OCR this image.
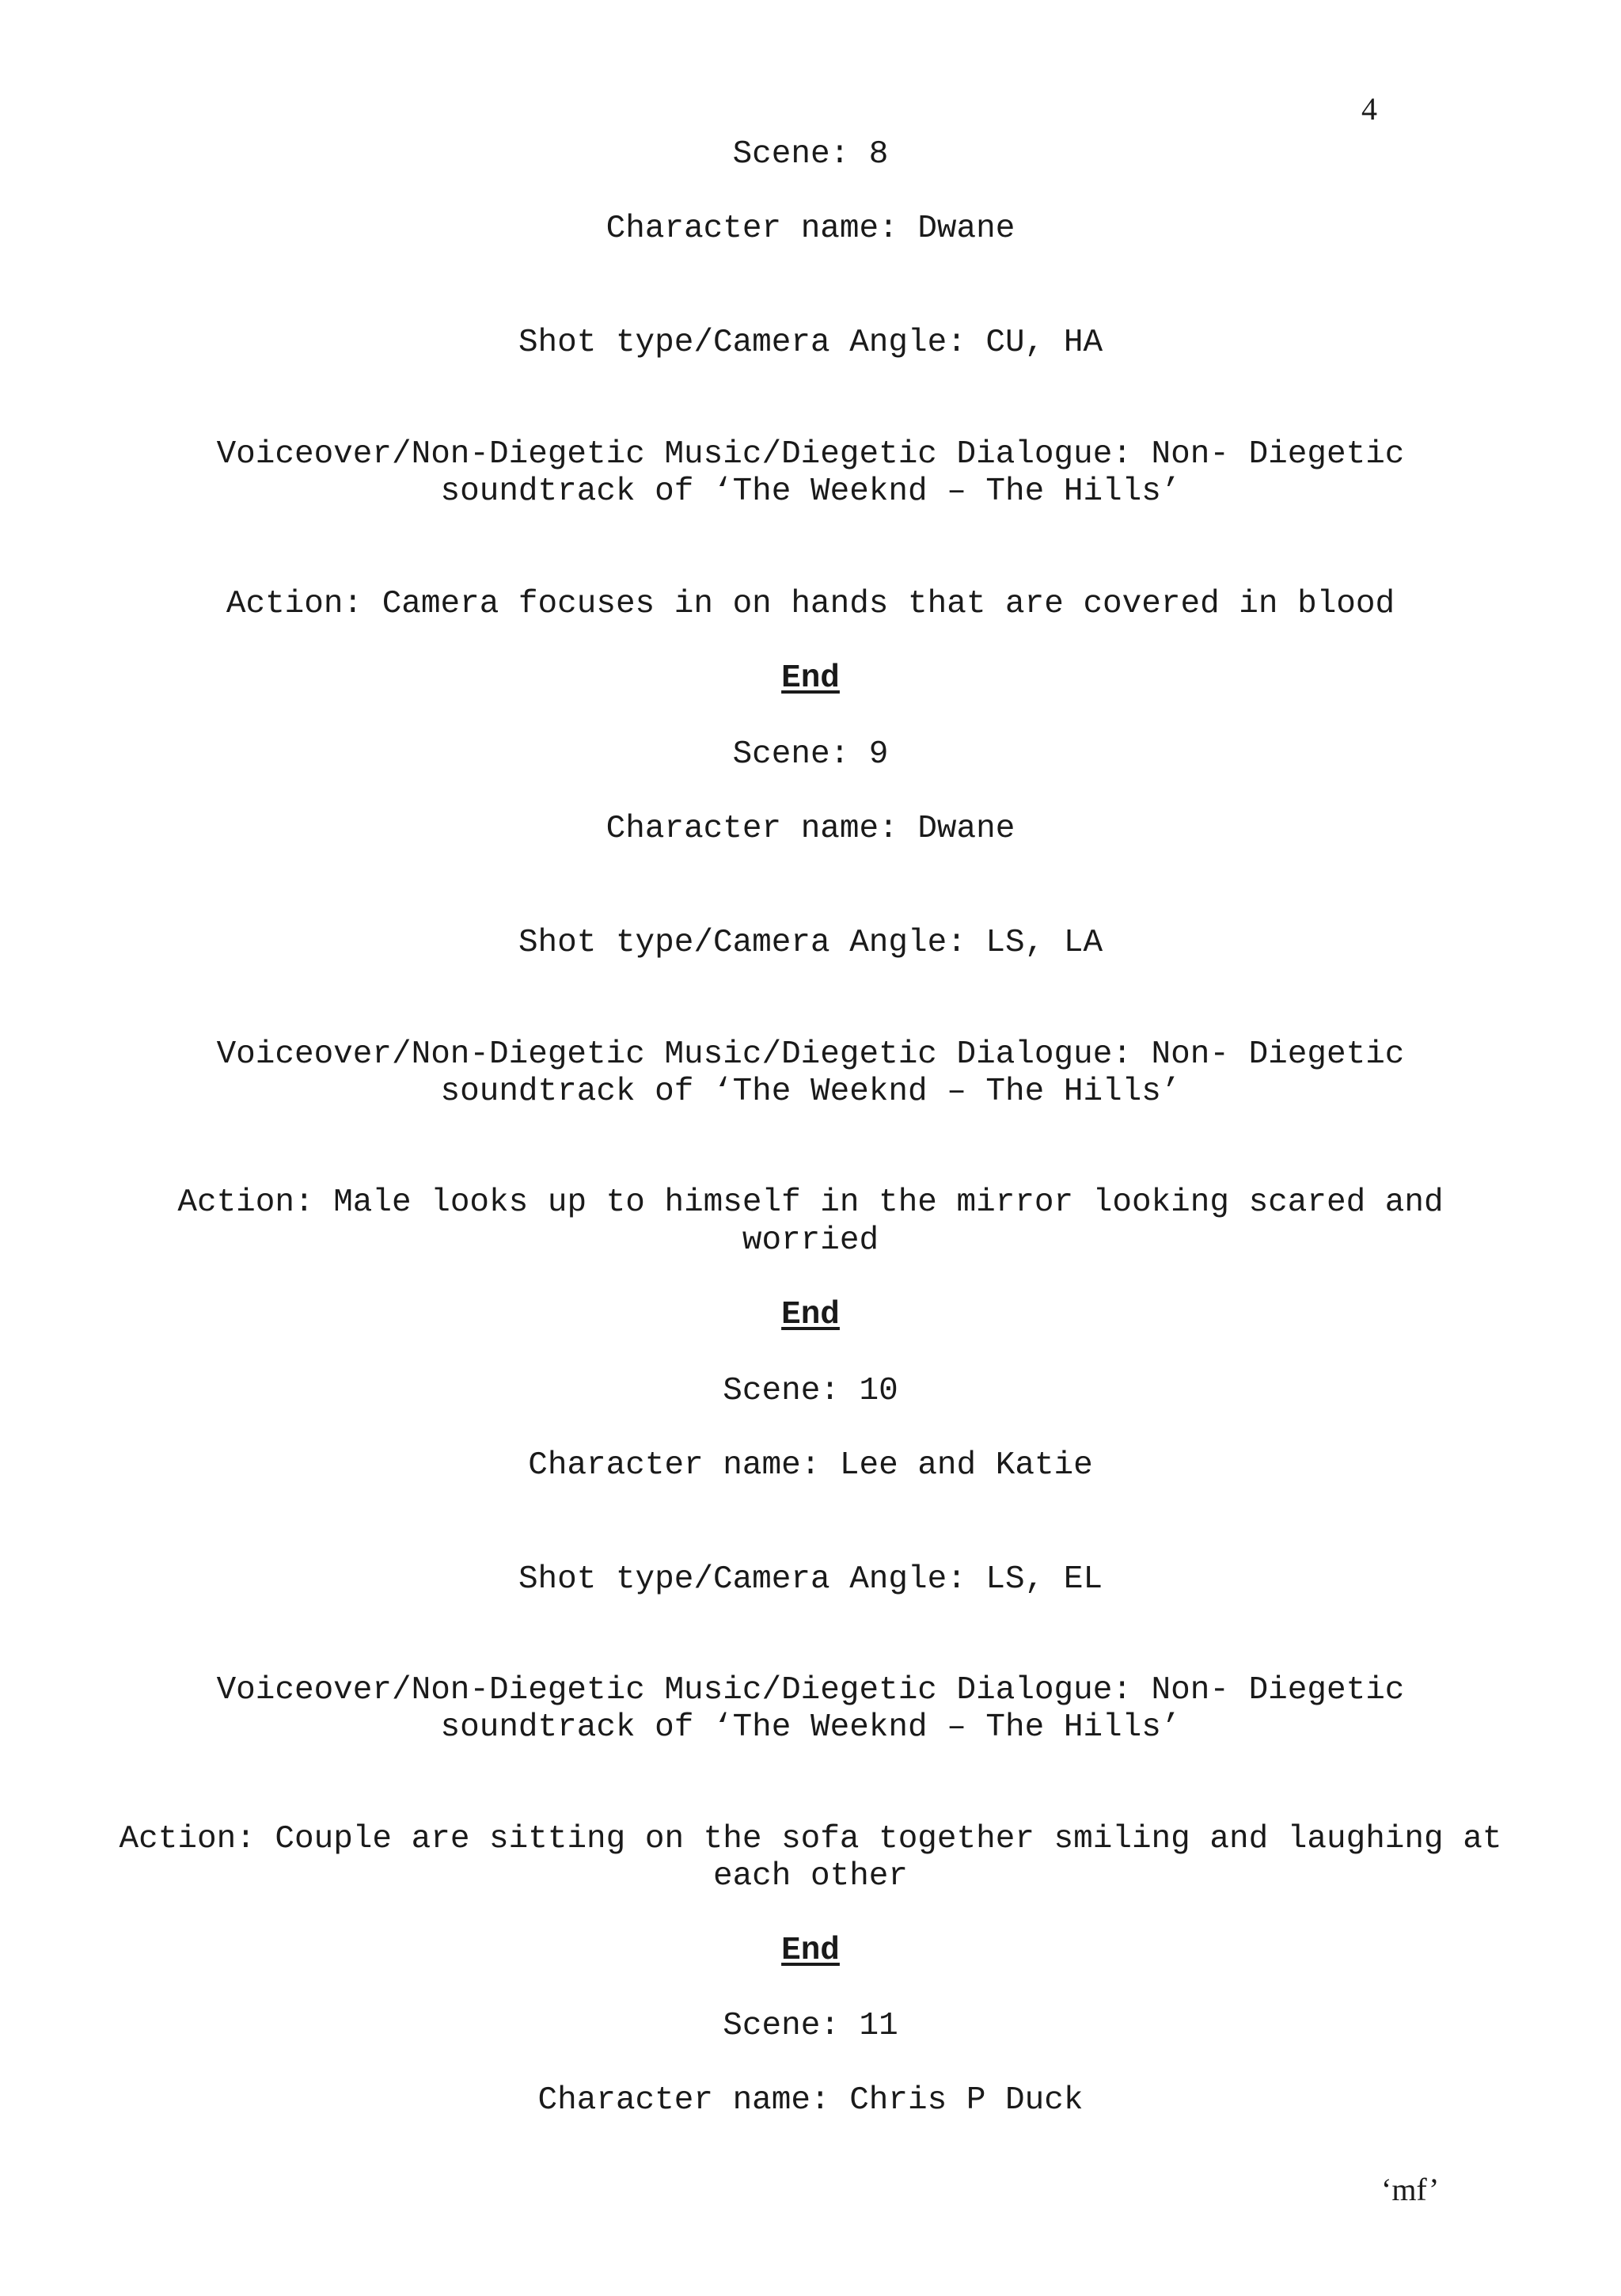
4
Scene: 8
Character name: Dwane
Shot type/Camera Angle: CU, HA
Voiceover/Non-Diegetic Music/Diegetic Dialogue: Non- Diegetic
soundtrack of ‘The Weeknd – The Hills’
Action: Camera focuses in on hands that are covered in blood
End
Scene: 9
Character name: Dwane
Shot type/Camera Angle: LS, LA
Voiceover/Non-Diegetic Music/Diegetic Dialogue: Non- Diegetic
soundtrack of ‘The Weeknd – The Hills’
Action: Male looks up to himself in the mirror looking scared and
worried
End
Scene: 10
Character name: Lee and Katie
Shot type/Camera Angle: LS, EL
Voiceover/Non-Diegetic Music/Diegetic Dialogue: Non- Diegetic
soundtrack of ‘The Weeknd – The Hills’
Action: Couple are sitting on the sofa together smiling and laughing at
each other
End
Scene: 11
Character name: Chris P Duck
‘mf’
